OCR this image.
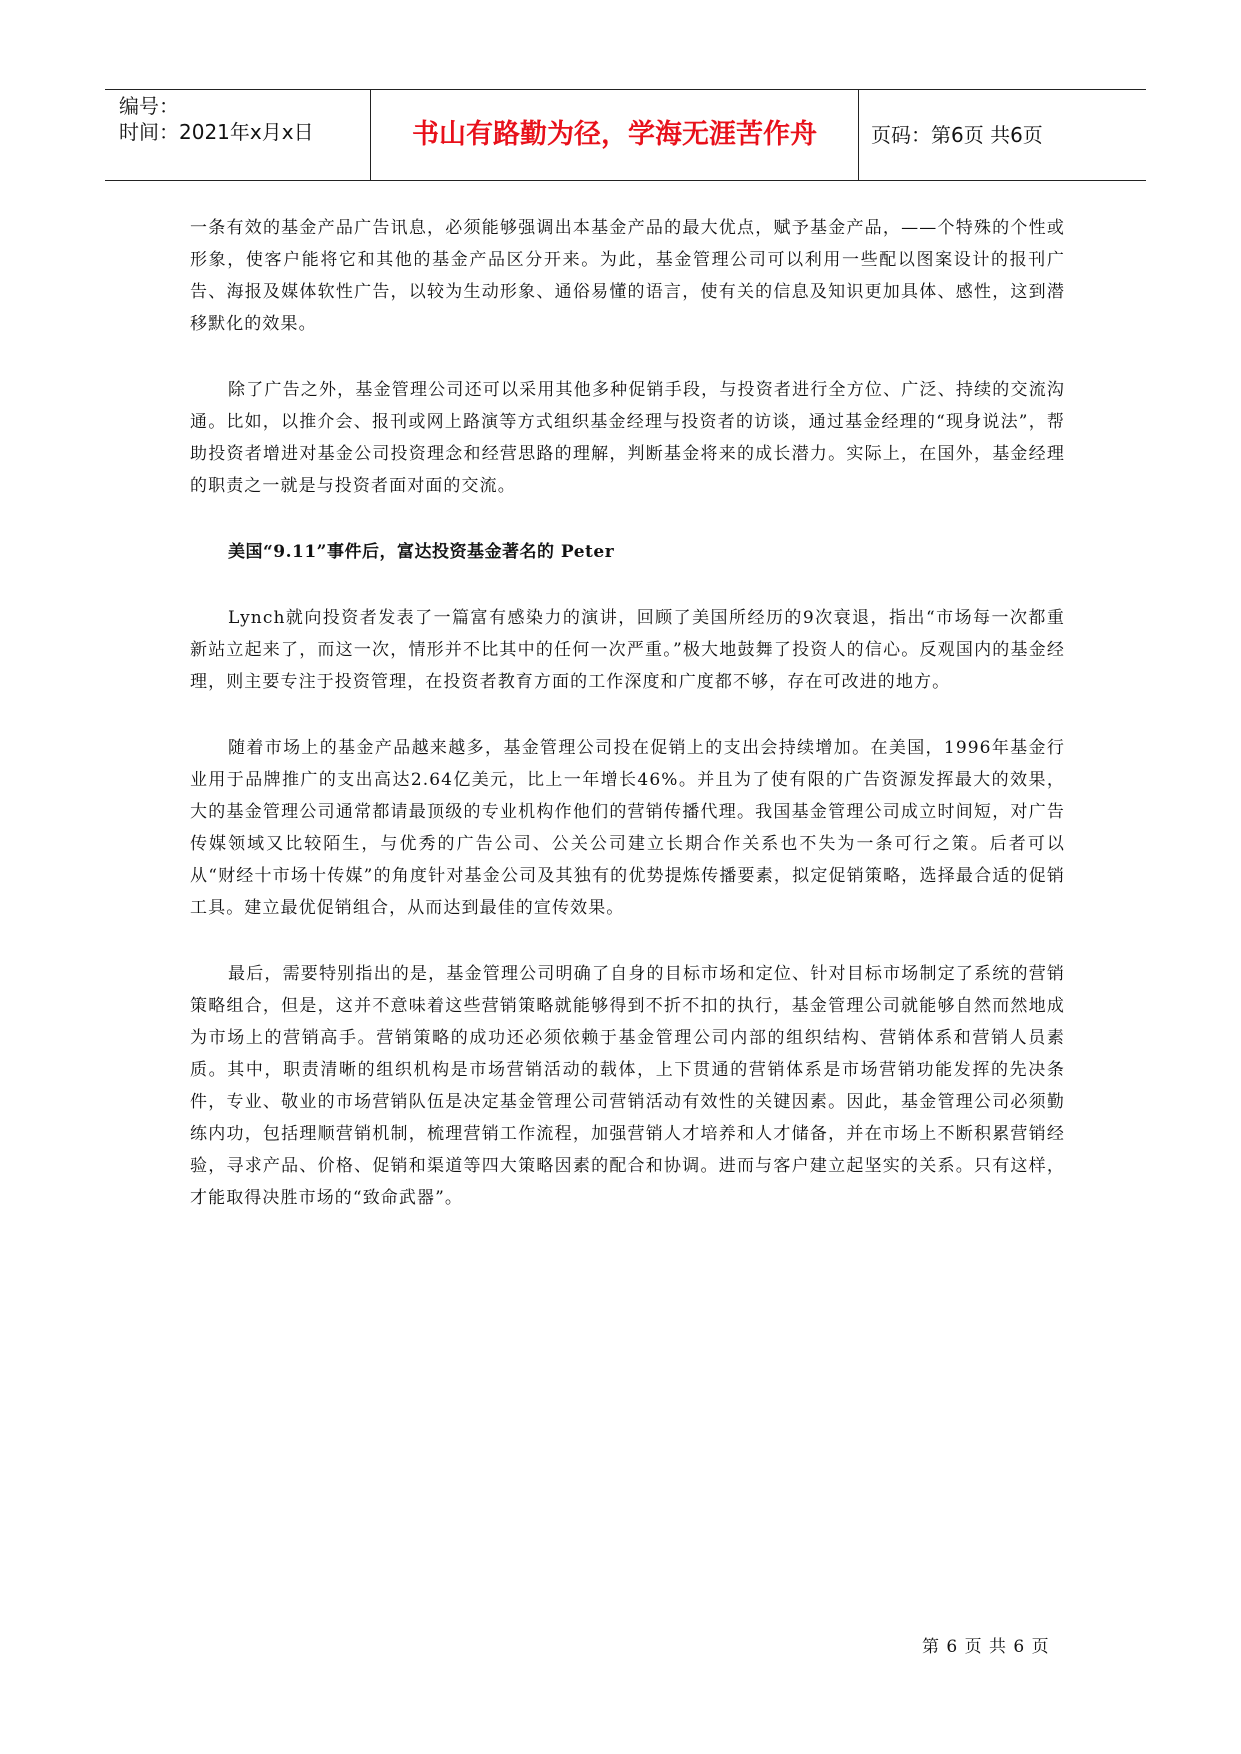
编号：
时间：2021年x月x日	书山有路勤为径，学海无涯苦作舟	页码：第6页 共6页

一条有效的基金产品广告讯息，必须能够强调出本基金产品的最大优点，赋予基金产品，——个特殊的个性或形象，使客户能将它和其他的基金产品区分开来。为此，基金管理公司可以利用一些配以图案设计的报刊广告、海报及媒体软性广告，以较为生动形象、通俗易懂的语言，使有关的信息及知识更加具体、感性，这到潜移默化的效果。

除了广告之外，基金管理公司还可以采用其他多种促销手段，与投资者进行全方位、广泛、持续的交流沟通。比如，以推介会、报刊或网上路演等方式组织基金经理与投资者的访谈，通过基金经理的“现身说法”，帮助投资者增进对基金公司投资理念和经营思路的理解，判断基金将来的成长潜力。实际上，在国外，基金经理的职责之一就是与投资者面对面的交流。

美国“9.11”事件后，富达投资基金著名的 Peter

Lynch就向投资者发表了一篇富有感染力的演讲，回顾了美国所经历的9次衰退，指出“市场每一次都重新站立起来了，而这一次，情形并不比其中的任何一次严重。”极大地鼓舞了投资人的信心。反观国内的基金经理，则主要专注于投资管理，在投资者教育方面的工作深度和广度都不够，存在可改进的地方。

随着市场上的基金产品越来越多，基金管理公司投在促销上的支出会持续增加。在美国，1996年基金行业用于品牌推广的支出高达2.64亿美元，比上一年增长46%。并且为了使有限的广告资源发挥最大的效果，大的基金管理公司通常都请最顶级的专业机构作他们的营销传播代理。我国基金管理公司成立时间短，对广告传媒领域又比较陌生，与优秀的广告公司、公关公司建立长期合作关系也不失为一条可行之策。后者可以从“财经十市场十传媒”的角度针对基金公司及其独有的优势提炼传播要素，拟定促销策略，选择最合适的促销工具。建立最优促销组合，从而达到最佳的宣传效果。

最后，需要特别指出的是，基金管理公司明确了自身的目标市场和定位、针对目标市场制定了系统的营销策略组合，但是，这并不意味着这些营销策略就能够得到不折不扣的执行，基金管理公司就能够自然而然地成为市场上的营销高手。营销策略的成功还必须依赖于基金管理公司内部的组织结构、营销体系和营销人员素质。其中，职责清晰的组织机构是市场营销活动的载体，上下贯通的营销体系是市场营销功能发挥的先决条件，专业、敬业的市场营销队伍是决定基金管理公司营销活动有效性的关键因素。因此，基金管理公司必须勤练内功，包括理顺营销机制，梳理营销工作流程，加强营销人才培养和人才储备，并在市场上不断积累营销经验，寻求产品、价格、促销和渠道等四大策略因素的配合和协调。进而与客户建立起坚实的关系。只有这样，才能取得决胜市场的“致命武器”。

第 6 页 共 6 页
